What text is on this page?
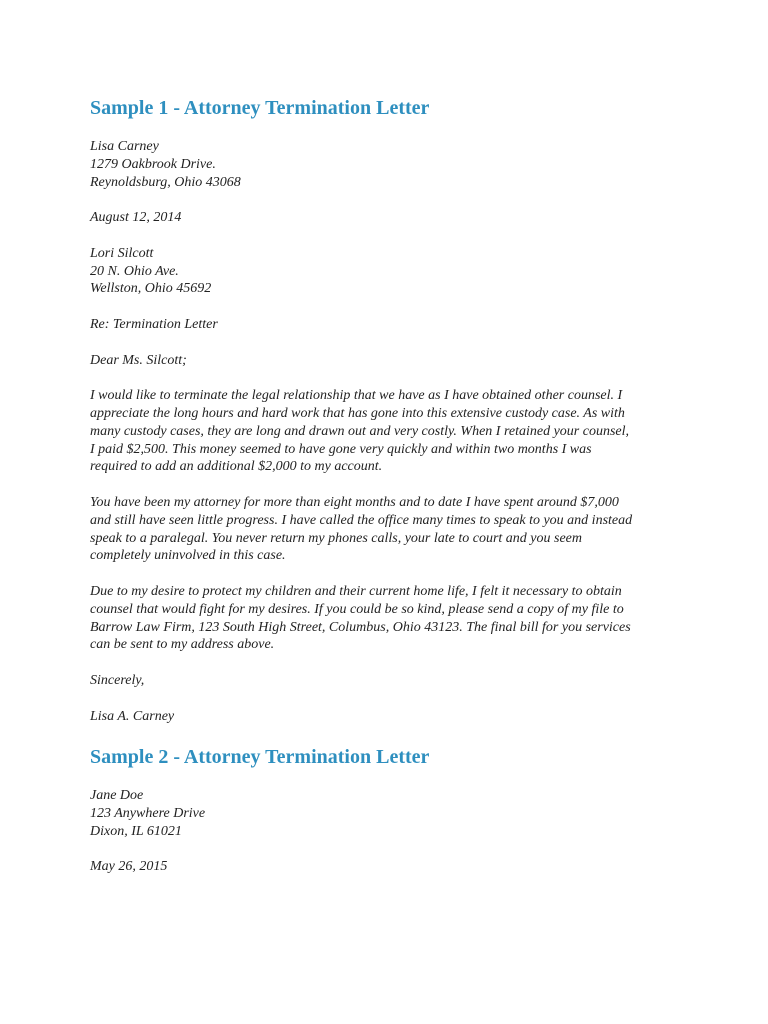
Sample 1 - Attorney Termination Letter
Lisa Carney
1279 Oakbrook Drive.
Reynoldsburg, Ohio 43068
August 12, 2014
Lori Silcott
20 N. Ohio Ave.
Wellston, Ohio 45692
Re: Termination Letter
Dear Ms. Silcott;
I would like to terminate the legal relationship that we have as I have obtained other counsel. I
appreciate the long hours and hard work that has gone into this extensive custody case. As with
many custody cases, they are long and drawn out and very costly. When I retained your counsel,
I paid $2,500. This money seemed to have gone very quickly and within two months I was
required to add an additional $2,000 to my account.
You have been my attorney for more than eight months and to date I have spent around $7,000
and still have seen little progress. I have called the office many times to speak to you and instead
speak to a paralegal. You never return my phones calls, your late to court and you seem
completely uninvolved in this case.
Due to my desire to protect my children and their current home life, I felt it necessary to obtain
counsel that would fight for my desires. If you could be so kind, please send a copy of my file to
Barrow Law Firm, 123 South High Street, Columbus, Ohio 43123. The final bill for you services
can be sent to my address above.
Sincerely,
Lisa A. Carney
Sample 2 - Attorney Termination Letter
Jane Doe
123 Anywhere Drive
Dixon, IL 61021
May 26, 2015
